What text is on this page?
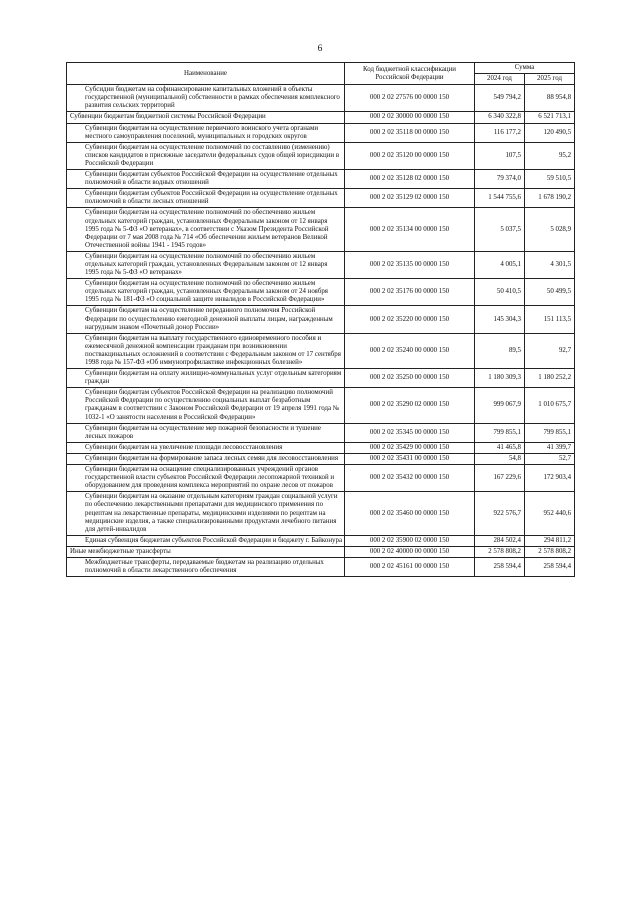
6
Наименование	Код бюджетной классификации Российской Федерации	Сумма	
		2024 год	2025 год
Субсидии бюджетам на софинансирование капитальных вложений в объекты государственной (муниципальной) собственности в рамках обеспечения комплексного развития сельских территорий	000 2 02 27576 00 0000 150	549 794,2	88 954,8
Субвенции бюджетам бюджетной системы Российской Федерации	000 2 02 30000 00 0000 150	6 340 322,8	6 521 713,1
Субвенции бюджетам на осуществление первичного воинского учета органами местного самоуправления поселений, муниципальных и городских округов	000 2 02 35118 00 0000 150	116 177,2	120 490,5
Субвенции бюджетам на осуществление полномочий по составлению (изменению) списков кандидатов в присяжные заседатели федеральных судов общей юрисдикции в Российской Федерации	000 2 02 35120 00 0000 150	107,5	95,2
Субвенции бюджетам субъектов Российской Федерации на осуществление отдельных полномочий в области водных отношений	000 2 02 35128 02 0000 150	79 374,0	59 510,5
Субвенции бюджетам субъектов Российской Федерации на осуществление отдельных полномочий в области лесных отношений	000 2 02 35129 02 0000 150	1 544 755,6	1 678 190,2
Субвенции бюджетам на осуществление полномочий по обеспечению жильем отдельных категорий граждан, установленных Федеральным законом от 12 января 1995 года № 5-ФЗ «О ветеранах», в соответствии с Указом Президента Российской Федерации от 7 мая 2008 года № 714 «Об обеспечении жильем ветеранов Великой Отечественной войны 1941 - 1945 годов»	000 2 02 35134 00 0000 150	5 037,5	5 028,9
Субвенции бюджетам на осуществление полномочий по обеспечению жильем отдельных категорий граждан, установленных Федеральным законом от 12 января 1995 года № 5-ФЗ «О ветеранах»	000 2 02 35135 00 0000 150	4 005,1	4 301,5
Субвенции бюджетам на осуществление полномочий по обеспечению жильем отдельных категорий граждан, установленных Федеральным законом от 24 ноября 1995 года № 181-ФЗ «О социальной защите инвалидов в Российской Федерации»	000 2 02 35176 00 0000 150	50 410,5	50 499,5
Субвенции бюджетам на осуществление переданного полномочия Российской Федерации по осуществлению ежегодной денежной выплаты лицам, награжденным нагрудным знаком «Почетный донор России»	000 2 02 35220 00 0000 150	145 304,3	151 113,5
Субвенции бюджетам на выплату государственного единовременного пособия и ежемесячной денежной компенсации гражданам при возникновении поствакцинальных осложнений в соответствии с Федеральным законом от 17 сентября 1998 года № 157-ФЗ «Об иммунопрофилактике инфекционных болезней»	000 2 02 35240 00 0000 150	89,5	92,7
Субвенции бюджетам на оплату жилищно-коммунальных услуг отдельным категориям граждан	000 2 02 35250 00 0000 150	1 180 309,3	1 180 252,2
Субвенции бюджетам субъектов Российской Федерации на реализацию полномочий Российской Федерации по осуществлению социальных выплат безработным гражданам в соответствии с Законом Российской Федерации от 19 апреля 1991 года № 1032-1 «О занятости населения в Российской Федерации»	000 2 02 35290 02 0000 150	999 067,9	1 010 675,7
Субвенции бюджетам на осуществление мер пожарной безопасности и тушение лесных пожаров	000 2 02 35345 00 0000 150	799 855,1	799 855,1
Субвенции бюджетам на увеличение площади лесовосстановления	000 2 02 35429 00 0000 150	41 465,8	41 399,7
Субвенции бюджетам на формирование запаса лесных семян для лесовосстановления	000 2 02 35431 00 0000 150	54,8	52,7
Субвенции бюджетам на оснащение специализированных учреждений органов государственной власти субъектов Российской Федерации лесопожарной техникой и оборудованием для проведения комплекса мероприятий по охране лесов от пожаров	000 2 02 35432 00 0000 150	167 229,6	172 903,4
Субвенции бюджетам на оказание отдельным категориям граждан социальной услуги по обеспечению лекарственными препаратами для медицинского применения по рецептам на лекарственные препараты, медицинскими изделиями по рецептам на медицинские изделия, а также специализированными продуктами лечебного питания для детей-инвалидов	000 2 02 35460 00 0000 150	922 576,7	952 440,6
Единая субвенция бюджетам субъектов Российской Федерации и бюджету г. Байконура	000 2 02 35900 02 0000 150	284 502,4	294 811,2
Иные межбюджетные трансферты	000 2 02 40000 00 0000 150	2 578 808,2	2 578 808,2
Межбюджетные трансферты, передаваемые бюджетам на реализацию отдельных полномочий в области лекарственного обеспечения	000 2 02 45161 00 0000 150	258 594,4	258 594,4
